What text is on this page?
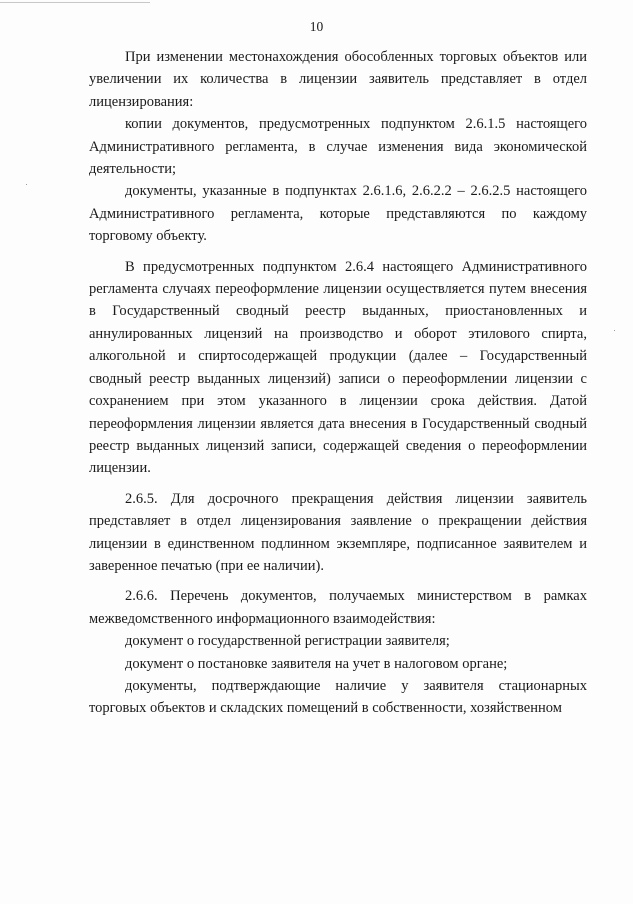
10

При изменении местонахождения обособленных торговых объектов или увеличении их количества в лицензии заявитель представляет в отдел лицензирования:

копии документов, предусмотренных подпунктом 2.6.1.5 настоящего Административного регламента, в случае изменения вида экономической деятельности;

документы, указанные в подпунктах 2.6.1.6, 2.6.2.2 – 2.6.2.5 настоящего Административного регламента, которые представляются по каждому торговому объекту.

В предусмотренных подпунктом 2.6.4 настоящего Административного регламента случаях переоформление лицензии осуществляется путем внесения в Государственный сводный реестр выданных, приостановленных и аннулированных лицензий на производство и оборот этилового спирта, алкогольной и спиртосодержащей продукции (далее – Государственный сводный реестр выданных лицензий) записи о переоформлении лицензии с сохранением при этом указанного в лицензии срока действия. Датой переоформления лицензии является дата внесения в Государственный сводный реестр выданных лицензий записи, содержащей сведения о переоформлении лицензии.

2.6.5. Для досрочного прекращения действия лицензии заявитель представляет в отдел лицензирования заявление о прекращении действия лицензии в единственном подлинном экземпляре, подписанное заявителем и заверенное печатью (при ее наличии).

2.6.6. Перечень документов, получаемых министерством в рамках межведомственного информационного взаимодействия:

документ о государственной регистрации заявителя;

документ о постановке заявителя на учет в налоговом органе;

документы, подтверждающие наличие у заявителя стационарных торговых объектов и складских помещений в собственности, хозяйственном
